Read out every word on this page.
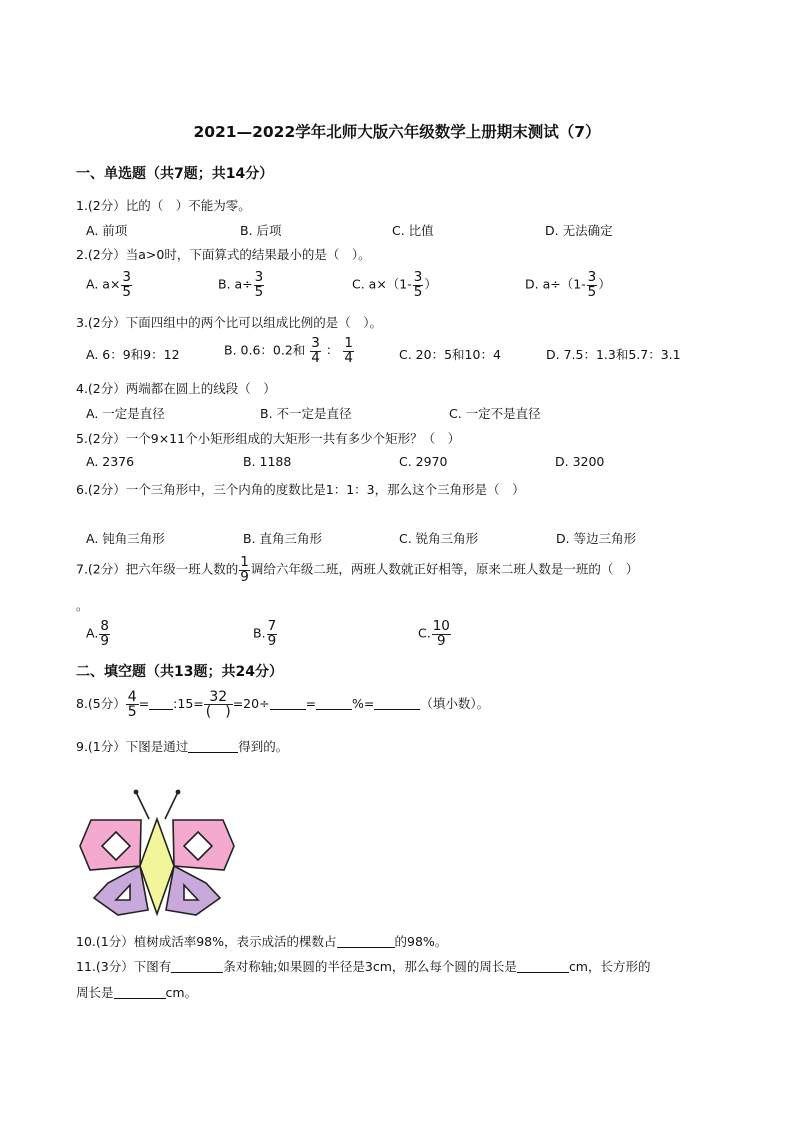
2021—2022学年北师大版六年级数学上册期末测试（7）
一、单选题（共7题；共14分）
1.(2分）比的（　）不能为零。
A. 前项	B. 后项	C. 比值	D. 无法确定
2.(2分）当a>0时，下面算式的结果最小的是（　）。
A. $a\times \frac{3}{5}$	B. $a\div \frac{3}{5}$	C. $a\times(1- \frac{3}{5}$ ）	D. $a\div(1- \frac{3}{5}$ ）
3.(2分）下面四组中的两个比可以组成比例的是（　）。
A. 6：9和9：12	B. 0.6：0.2和 $\frac{3}{4}$ ： $\frac{1}{4}$	C. 20：5和10：4	D. 7.5：1.3和5.7：3.1
4.(2分）两端都在圆上的线段（　）
A. 一定是直径	B. 不一定是直径	C. 一定不是直径
5.(2分）一个9×11个小矩形组成的大矩形一共有多少个矩形？（　）
A. 2376	B. 1188	C. 2970	D. 3200
6.(2分）一个三角形中，三个内角的度数比是1：1：3，那么这个三角形是（　）
A. 钝角三角形	B. 直角三角形	C. 锐角三角形	D. 等边三角形
7.(2分）把六年级一班人数的 $\frac{1}{9}$ 调给六年级二班，两班人数就正好相等，原来二班人数是一班的（　）
。
A. $\frac{8}{9}$	B. $\frac{7}{9}$	C. $\frac{10}{9}$
二、填空题（共13题；共24分）
8.(5分） $\frac{4}{5}$ = :15= 32
(　)
=20÷	=	%=	（填小数）。
9.(1分）下图是通过	得到的。
10.(1分）植树成活率98%，表示成活的棵数占	的98%。
11.(3分）下图有	条对称轴;如果圆的半径是3cm，那么每个圆的周长是	cm，长方形的
周长是	cm。
